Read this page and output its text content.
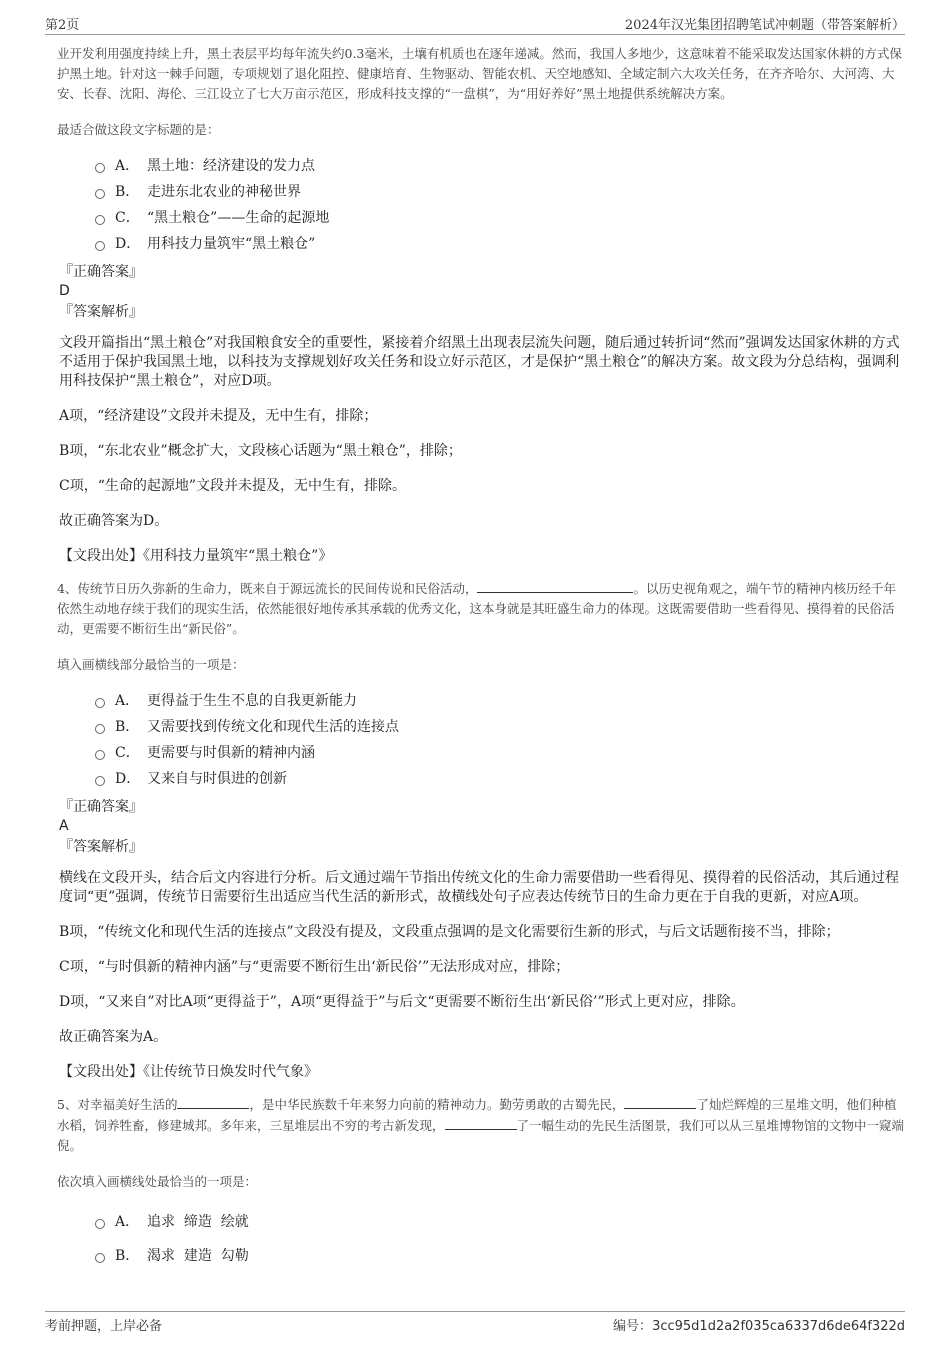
第2页	2024年汉光集团招聘笔试冲刺题（带答案解析）

业开发利用强度持续上升，黑土表层平均每年流失约0.3毫米，土壤有机质也在逐年递减。然而，我国人多地少，这意味着不能采取发达国家休耕的方式保护黑土地。针对这一棘手问题，专项规划了退化阻控、健康培育、生物驱动、智能农机、天空地感知、全域定制六大攻关任务，在齐齐哈尔、大河湾、大安、长春、沈阳、海伦、三江设立了七大万亩示范区，形成科技支撑的“一盘棋”，为“用好养好”黑土地提供系统解决方案。

最适合做这段文字标题的是：

A． 黑土地：经济建设的发力点
B． 走进东北农业的神秘世界
C． “黑土粮仓”——生命的起源地
D． 用科技力量筑牢“黑土粮仓”

『正确答案』

D

『答案解析』

文段开篇指出“黑土粮仓”对我国粮食安全的重要性，紧接着介绍黑土出现表层流失问题，随后通过转折词“然而”强调发达国家休耕的方式不适用于保护我国黑土地，以科技为支撑规划好攻关任务和设立好示范区，才是保护“黑土粮仓”的解决方案。故文段为分总结构，强调利用科技保护“黑土粮仓”，对应D项。

A项，“经济建设”文段并未提及，无中生有，排除；

B项，“东北农业”概念扩大，文段核心话题为“黑土粮仓”，排除；

C项，“生命的起源地”文段并未提及，无中生有，排除。

故正确答案为D。

【文段出处】《用科技力量筑牢“黑土粮仓”》

4、传统节日历久弥新的生命力，既来自于源远流长的民间传说和民俗活动，	。以历史视角观之，端午节的精神内核历经千年依然生动地存续于我们的现实生活，依然能很好地传承其承载的优秀文化，这本身就是其旺盛生命力的体现。这既需要借助一些看得见、摸得着的民俗活动，更需要不断衍生出“新民俗”。

填入画横线部分最恰当的一项是：

A． 更得益于生生不息的自我更新能力
B． 又需要找到传统文化和现代生活的连接点
C． 更需要与时俱新的精神内涵
D． 又来自与时俱进的创新

『正确答案』

A

『答案解析』

横线在文段开头，结合后文内容进行分析。后文通过端午节指出传统文化的生命力需要借助一些看得见、摸得着的民俗活动，其后通过程度词“更”强调，传统节日需要衍生出适应当代生活的新形式，故横线处句子应表达传统节日的生命力更在于自我的更新，对应A项。

B项，“传统文化和现代生活的连接点”文段没有提及，文段重点强调的是文化需要衍生新的形式，与后文话题衔接不当，排除；

C项，“与时俱新的精神内涵”与“更需要不断衍生出‘新民俗’”无法形成对应，排除；

D项，“又来自”对比A项“更得益于”，A项“更得益于”与后文“更需要不断衍生出‘新民俗’”形式上更对应，排除。

故正确答案为A。

【文段出处】《让传统节日焕发时代气象》

5、对幸福美好生活的	，是中华民族数千年来努力向前的精神动力。勤劳勇敢的古蜀先民，	了灿烂辉煌的三星堆文明，他们种植水稻，饲养牲畜，修建城邦。多年来，三星堆层出不穷的考古新发现，	了一幅生动的先民生活图景，我们可以从三星堆博物馆的文物中一窥端倪。

依次填入画横线处最恰当的一项是：

A． 追求  缔造  绘就
B． 渴求  建造  勾勒
考前押题，上岸必备	编号：3cc95d1d2a2f035ca6337d6de64f322d
